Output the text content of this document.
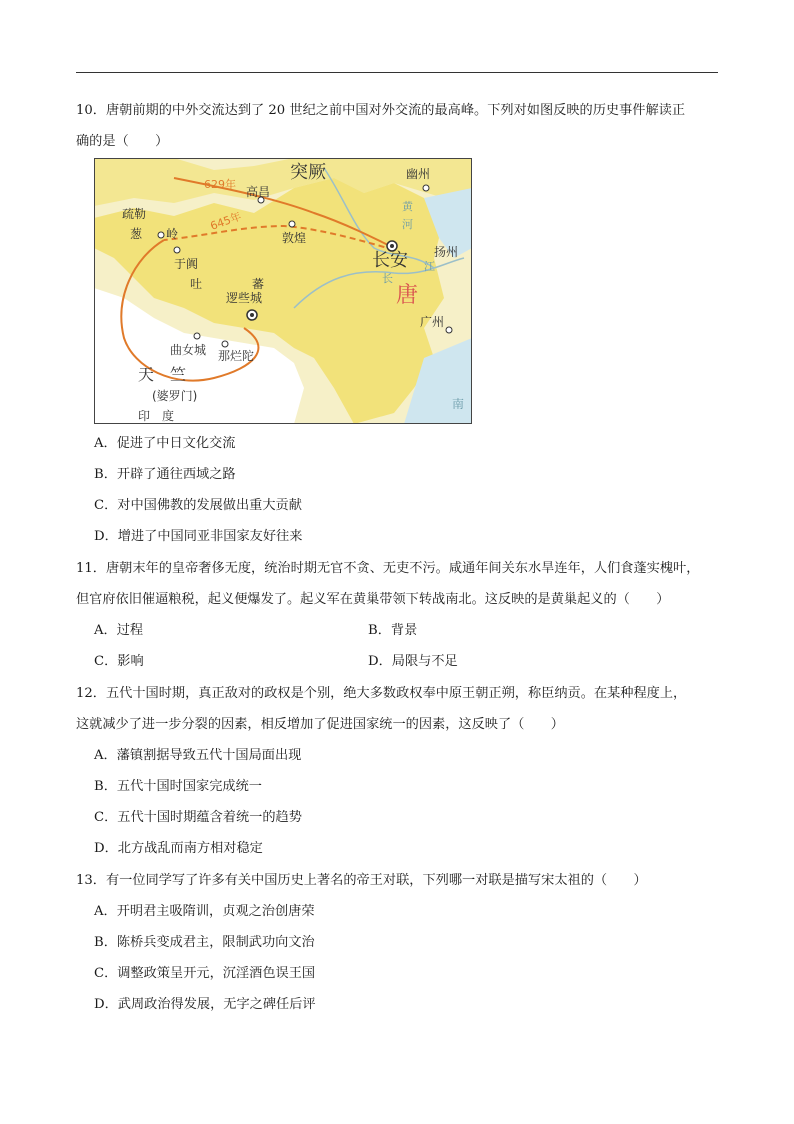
10．唐朝前期的中外交流达到了 20 世纪之前中国对外交流的最高峰。下列对如图反映的历史事件解读正
确的是（　　）
突厥	幽州
高昌
629年
645年
疏勒
葱 岭	敦煌
黄
河
长安 扬州
江
长
于阗
吐	蕃
逻些城	唐
广州
曲女城 那烂陀
天　竺
(婆罗门)
印　度
南
A．促进了中日文化交流
B．开辟了通往西域之路
C．对中国佛教的发展做出重大贡献
D．增进了中国同亚非国家友好往来
11．唐朝末年的皇帝奢侈无度，统治时期无官不贪、无吏不污。咸通年间关东水旱连年，人们食蓬实槐叶，
但官府依旧催逼粮税，起义便爆发了。起义军在黄巢带领下转战南北。这反映的是黄巢起义的（　　）
A．过程	B．背景
C．影响	D．局限与不足
12．五代十国时期，真正敌对的政权是个别，绝大多数政权奉中原王朝正朔，称臣纳贡。在某种程度上，
这就减少了进一步分裂的因素，相反增加了促进国家统一的因素，这反映了（　　）
A．藩镇割据导致五代十国局面出现
B．五代十国时国家完成统一
C．五代十国时期蕴含着统一的趋势
D．北方战乱而南方相对稳定
13．有一位同学写了许多有关中国历史上著名的帝王对联，下列哪一对联是描写宋太祖的（　　）
A．开明君主吸隋训，贞观之治创唐荣
B．陈桥兵变成君主，限制武功向文治
C．调整政策呈开元，沉淫酒色误王国
D．武周政治得发展，无字之碑任后评
